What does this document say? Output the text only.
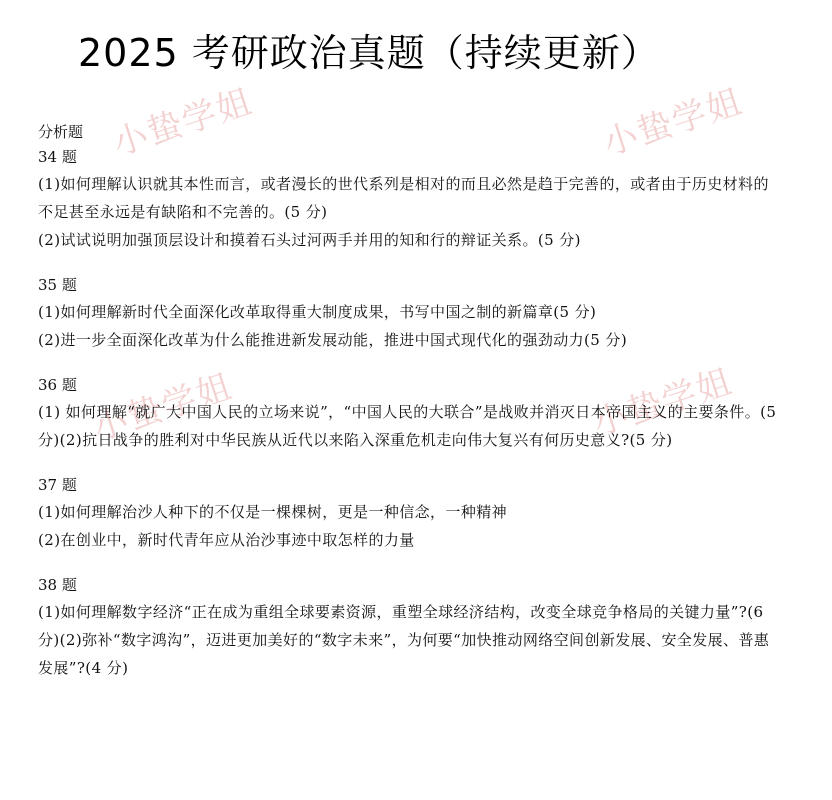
小蛰学姐	小蛰学姐
小蛰学姐	小蛰学姐
2025 考研政治真题（持续更新）

分析题

34 题

(1)如何理解认识就其本性而言，或者漫长的世代系列是相对的而且必然是趋于完善的，或者由于历史材料的不足甚至永远是有缺陷和不完善的。(5 分)

(2)试试说明加强顶层设计和摸着石头过河两手并用的知和行的辩证关系。(5 分)

35 题

(1)如何理解新时代全面深化改革取得重大制度成果，书写中国之制的新篇章(5 分)

(2)进一步全面深化改革为什么能推进新发展动能，推进中国式现代化的强劲动力(5 分)

36 题

(1) 如何理解“就广大中国人民的立场来说”，“中国人民的大联合”是战败并消灭日本帝国主义的主要条件。(5 分)(2)抗日战争的胜利对中华民族从近代以来陷入深重危机走向伟大复兴有何历史意义?(5 分)

37 题

(1)如何理解治沙人种下的不仅是一棵棵树，更是一种信念，一种精神

(2)在创业中，新时代青年应从治沙事迹中取怎样的力量

38 题

(1)如何理解数字经济“正在成为重组全球要素资源，重塑全球经济结构，改变全球竞争格局的关键力量”?(6 分)(2)弥补“数字鸿沟”，迈进更加美好的“数字未来”，为何要“加快推动网络空间创新发展、安全发展、普惠发展”?(4 分)
